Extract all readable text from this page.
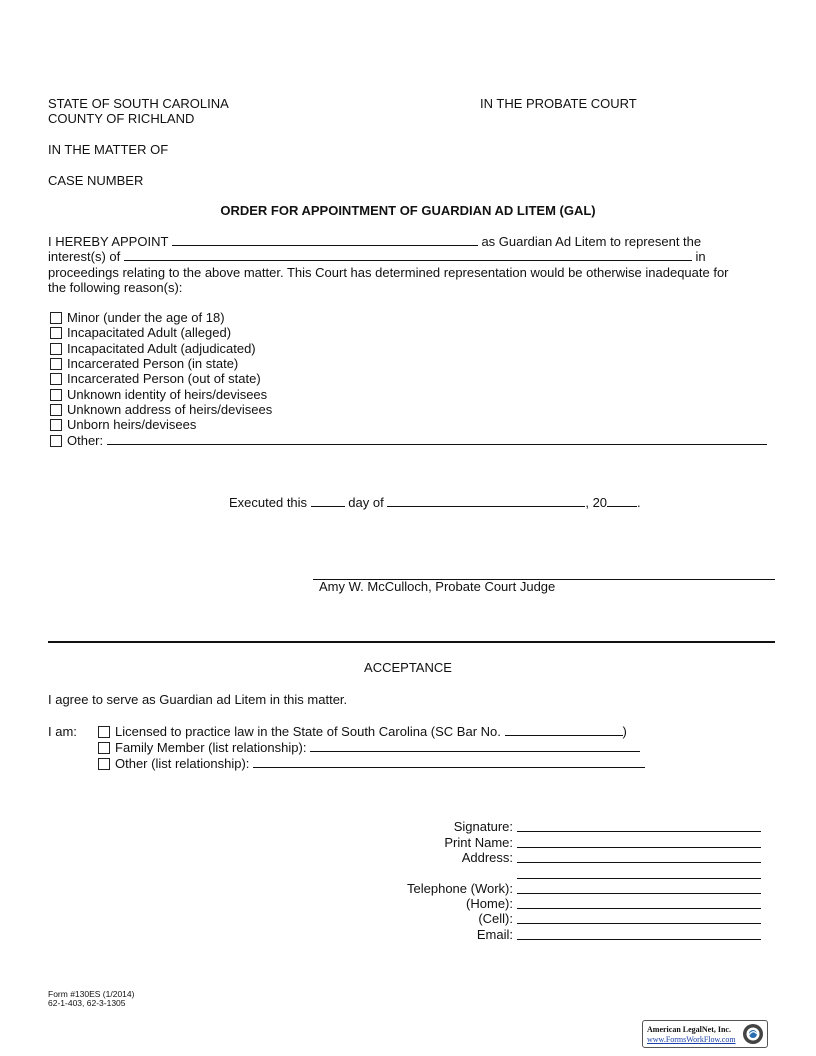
STATE OF SOUTH CAROLINA
COUNTY OF RICHLAND
IN THE PROBATE COURT
IN THE MATTER OF
CASE NUMBER
ORDER FOR APPOINTMENT OF GUARDIAN AD LITEM (GAL)
I HEREBY APPOINT	as Guardian Ad Litem to represent the
interest(s) of	in
proceedings relating to the above matter. This Court has determined representation would be otherwise inadequate for
the following reason(s):
Minor (under the age of 18)
Incapacitated Adult (alleged)
Incapacitated Adult (adjudicated)
Incarcerated Person (in state)
Incarcerated Person (out of state)
Unknown identity of heirs/devisees
Unknown address of heirs/devisees
Unborn heirs/devisees
Other:
Executed this	day of	, 20 .
Amy W. McCulloch, Probate Court Judge
ACCEPTANCE
I agree to serve as Guardian ad Litem in this matter.
I am:	Licensed to practice law in the State of South Carolina (SC Bar No.	)
Family Member (list relationship):
Other (list relationship):
Signature:
Print Name:
Address:
Telephone (Work):
(Home):
(Cell):
Email:
Form #130ES (1/2014)
62-1-403, 62-3-1305
American LegalNet, Inc.
www.FormsWorkFlow.com
